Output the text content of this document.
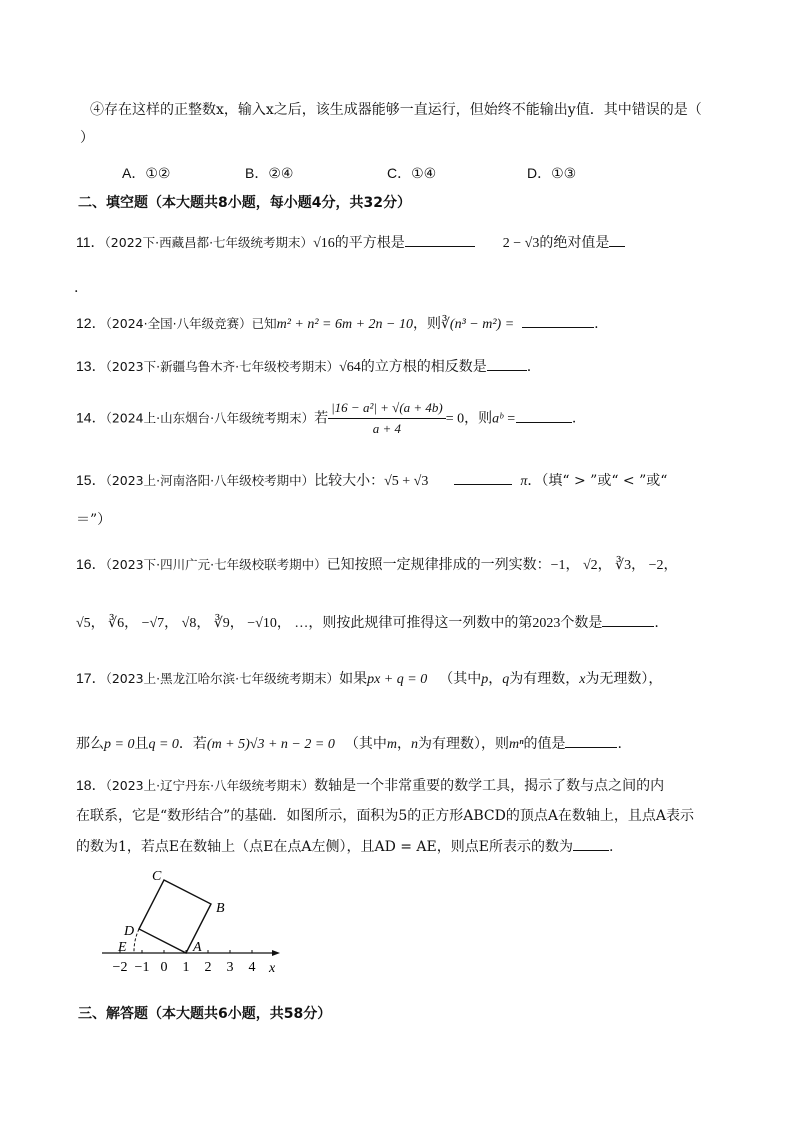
④存在这样的正整数x，输入x之后，该生成器能够一直运行，但始终不能输出y值．其中错误的是（
）
A．①②	B．②④	C．①④	D．①③
二、填空题（本大题共8小题，每小题4分，共32分）
11．（2022下·西藏昌都·七年级统考期末）√16的平方根是	2 − √3的绝对值是
.
12．（2024·全国·八年级竞赛）已知m² + n² = 6m + 2n − 10，则∛(n³ − m²) =	.
13．（2023下·新疆乌鲁木齐·七年级校考期末）√64的立方根的相反数是	.
14．（2024上·山东烟台·八年级统考期末）若 $\frac{\text{|16 − a²| + √(a + 4b)}}{a + 4} = 0$，则aᵇ =	.
15．（2023上·河南洛阳·八年级校考期中）比较大小：√5 + √3	π．（填“ > ”或“ < ”或“
＝”）
16．（2023下·四川广元·七年级校联考期中）已知按照一定规律排成的一列实数：−1， √2， ∛3， −2，
√5， ∛6， −√7， √8， ∛9， −√10， …，则按此规律可推得这一列数中的第2023个数是	.
17．（2023上·黑龙江哈尔滨·七年级统考期末）如果px + q = 0 （其中p，q为有理数，x为无理数），
那么p = 0且q = 0．若(m + 5)√3 + n − 2 = 0 （其中m，n为有理数），则mⁿ的值是	.
18．（2023上·辽宁丹东·八年级统考期末）数轴是一个非常重要的数学工具，揭示了数与点之间的内
在联系，它是“数形结合”的基础．如图所示，面积为5的正方形ABCD的顶点A在数轴上，且点A表示
的数为1，若点E在数轴上（点E在点A左侧），且AD = AE，则点E所表示的数为	.
−2 −1 0 1 2 3 4
C
B
D
E	A
x
三、解答题（本大题共6小题，共58分）
